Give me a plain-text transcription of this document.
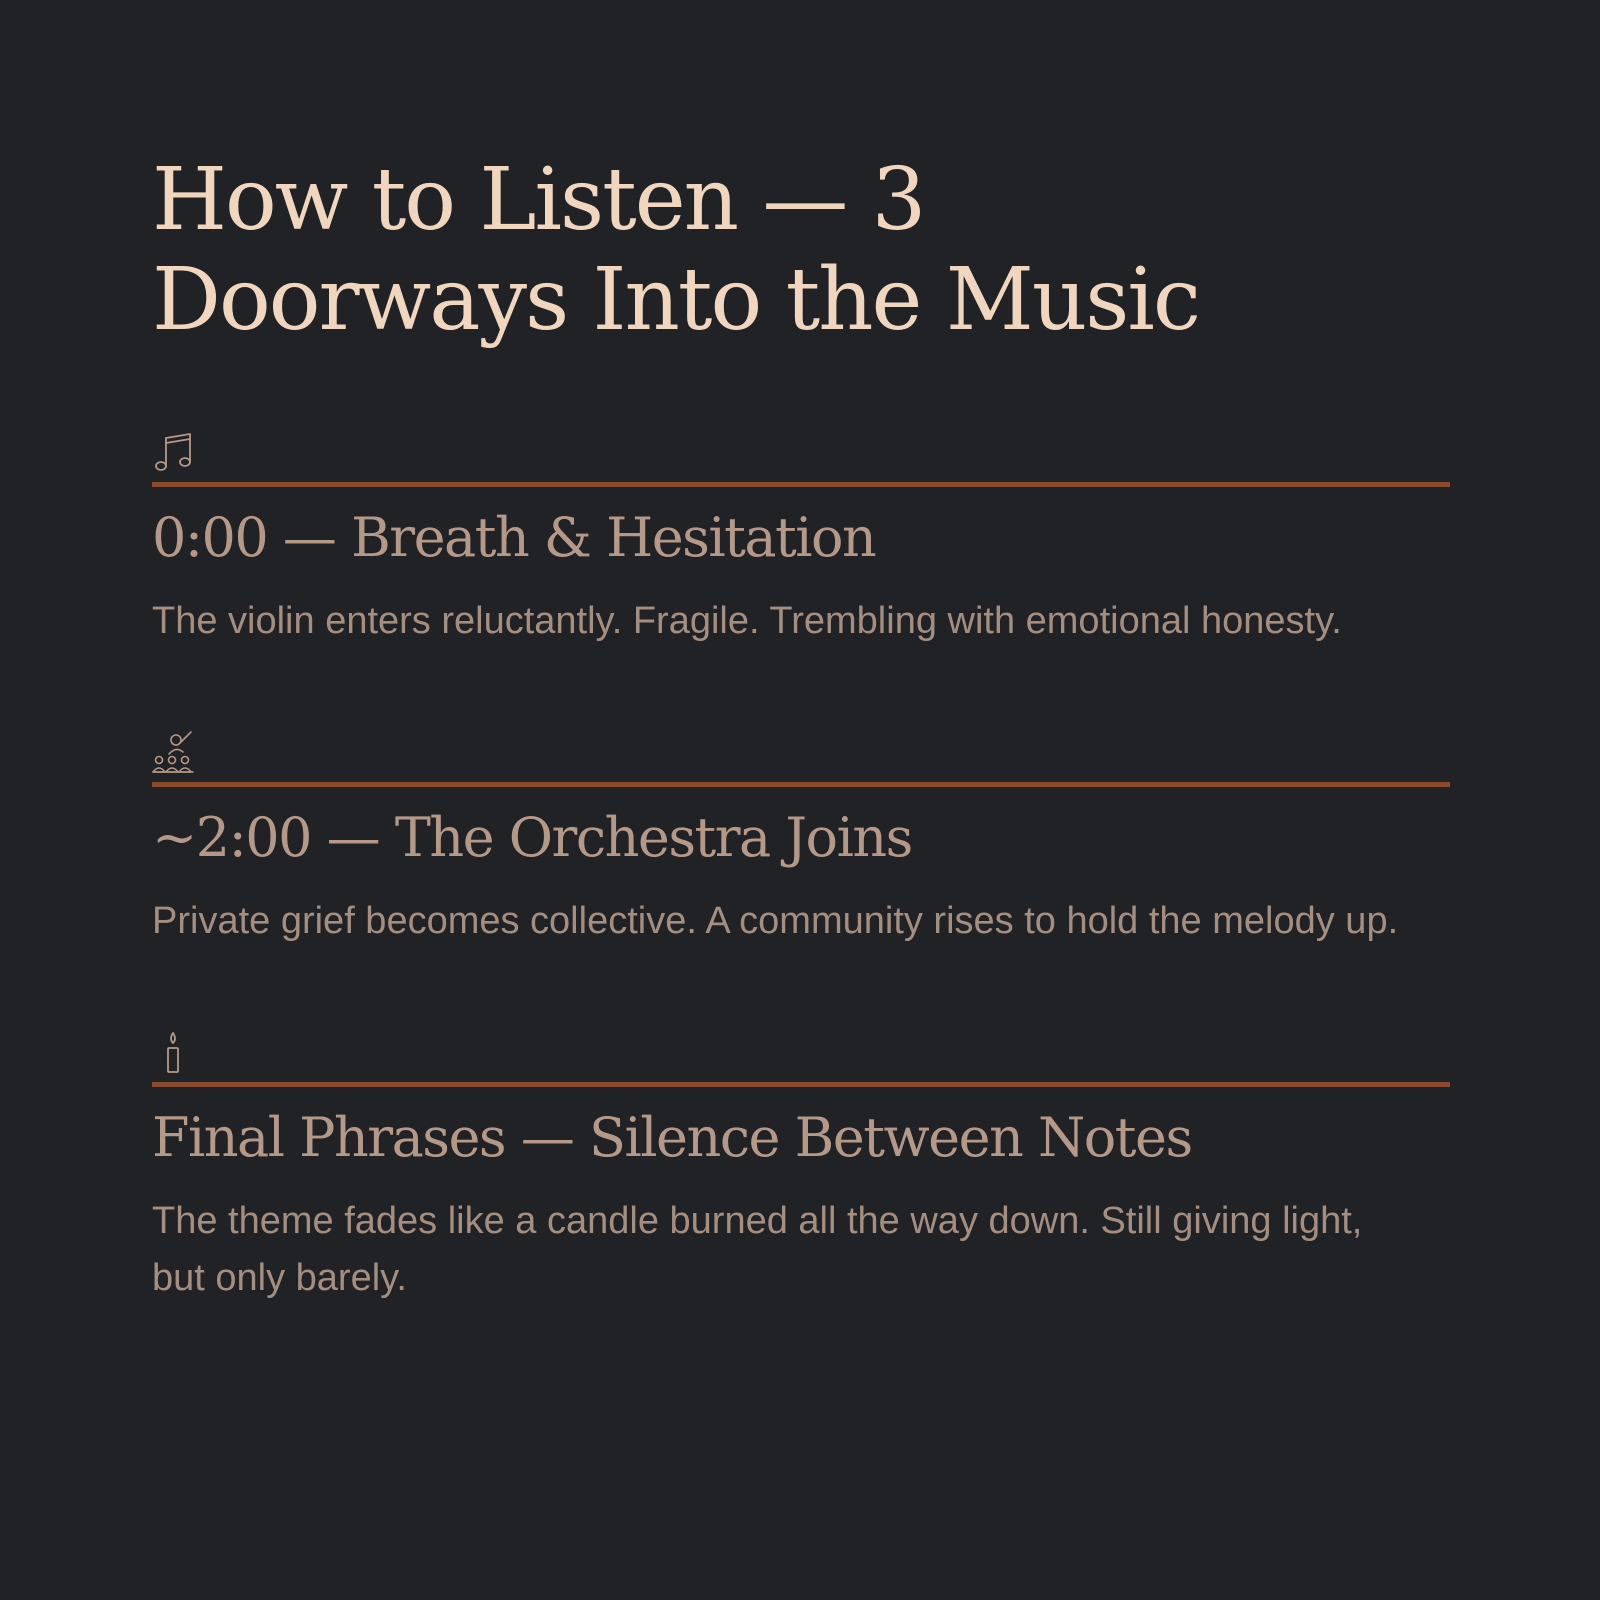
How to Listen — 3 Doorways Into the Music
0:00 — Breath & Hesitation

The violin enters reluctantly. Fragile. Trembling with emotional honesty.

~2:00 — The Orchestra Joins

Private grief becomes collective. A community rises to hold the melody up.

Final Phrases — Silence Between Notes

The theme fades like a candle burned all the way down. Still giving light, but only barely.
